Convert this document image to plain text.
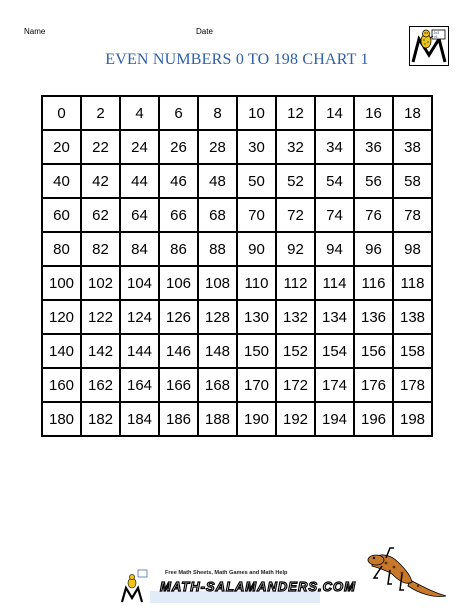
Name	Date	2x3
=6
EVEN NUMBERS 0 TO 198 CHART 1
0	2	4	6	8	10	12	14	16	18
20	22	24	26	28	30	32	34	36	38
40	42	44	46	48	50	52	54	56	58
60	62	64	66	68	70	72	74	76	78
80	82	84	86	88	90	92	94	96	98
100 102 104 106 108 110	112	114	116	118
120 122 124 126 128 130 132 134 136 138
140 142 144 146 148 150 152 154 156 158
160 162 164 166 168 170 172 174 176 178
180 182 184 186 188 190 192 194 196 198
Free Math Sheets, Math Games and Math Help
MATH-SALAMANDERS.COM
